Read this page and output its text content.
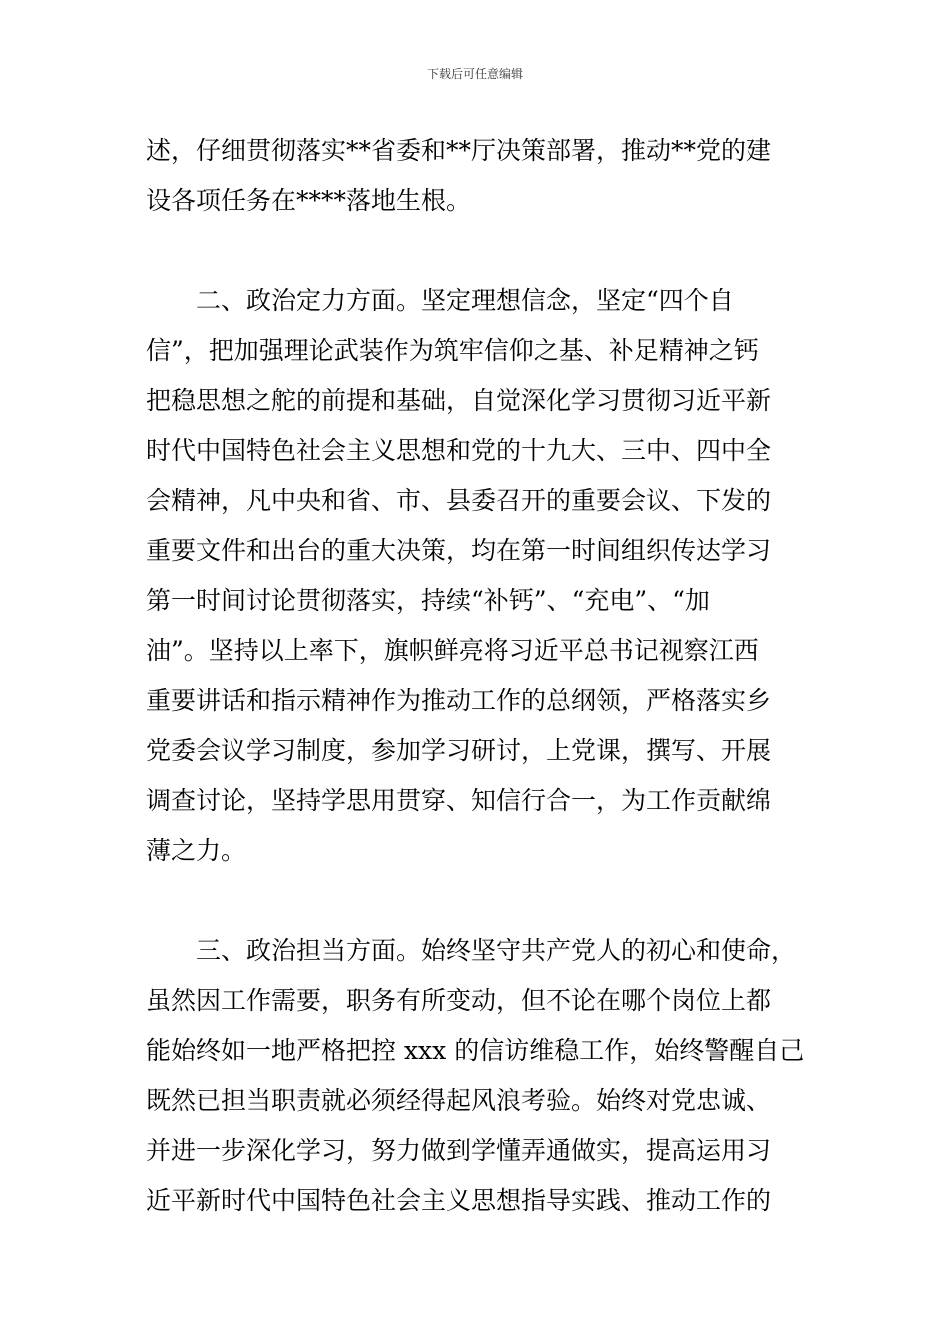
下载后可任意编辑
述，仔细贯彻落实**省委和**厅决策部署，推动**党的建
设各项任务在****落地生根。
二、政治定力方面。坚定理想信念，坚定“四个自
信”，把加强理论武装作为筑牢信仰之基、补足精神之钙
把稳思想之舵的前提和基础，自觉深化学习贯彻习近平新
时代中国特色社会主义思想和党的十九大、三中、四中全
会精神，凡中央和省、市、县委召开的重要会议、下发的
重要文件和出台的重大决策，均在第一时间组织传达学习
第一时间讨论贯彻落实，持续“补钙”、“充电”、“加
油”。坚持以上率下，旗帜鲜亮将习近平总书记视察江西
重要讲话和指示精神作为推动工作的总纲领，严格落实乡
党委会议学习制度，参加学习研讨，上党课，撰写、开展
调查讨论，坚持学思用贯穿、知信行合一，为工作贡献绵
薄之力。
三、政治担当方面。始终坚守共产党人的初心和使命，
虽然因工作需要，职务有所变动，但不论在哪个岗位上都
能始终如一地严格把控 xxx 的信访维稳工作，始终警醒自己
既然已担当职责就必须经得起风浪考验。始终对党忠诚、
并进一步深化学习，努力做到学懂弄通做实，提高运用习
近平新时代中国特色社会主义思想指导实践、推动工作的
